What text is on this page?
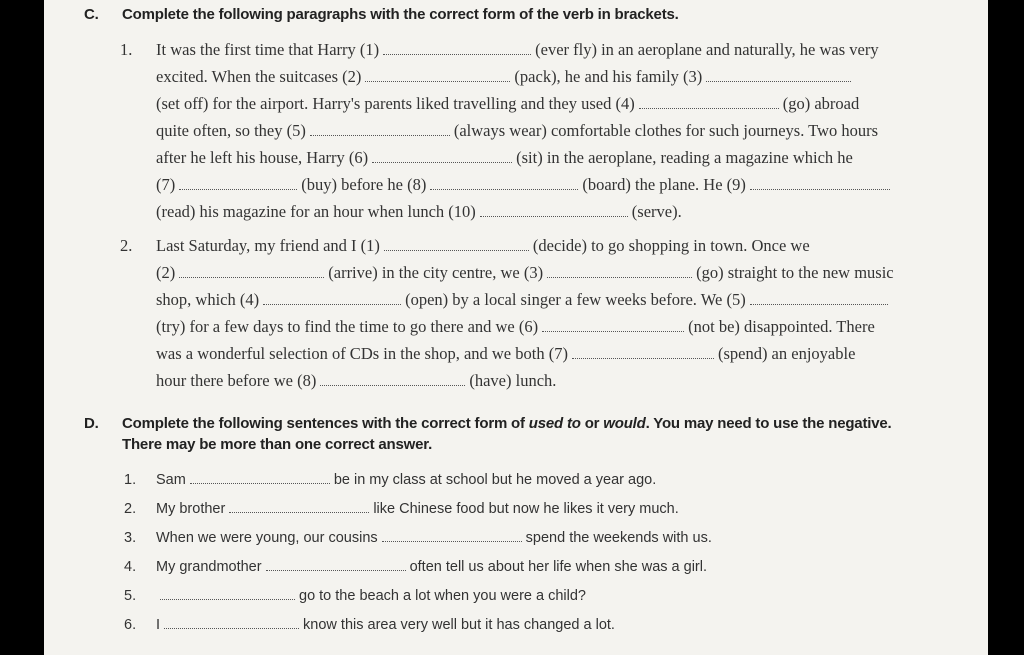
C. Complete the following paragraphs with the correct form of the verb in brackets.
1. It was the first time that Harry (1)	(ever fly) in an aeroplane and naturally, he was very
excited. When the suitcases (2)	(pack), he and his family (3)
(set off) for the airport. Harry's parents liked travelling and they used (4)	(go) abroad
quite often, so they (5)	(always wear) comfortable clothes for such journeys. Two hours
after he left his house, Harry (6)	(sit) in the aeroplane, reading a magazine which he
(7)	(buy) before he (8)	(board) the plane. He (9)
(read) his magazine for an hour when lunch (10)	(serve).
2. Last Saturday, my friend and I (1)	(decide) to go shopping in town. Once we
(2)	(arrive) in the city centre, we (3)	(go) straight to the new music
shop, which (4)	(open) by a local singer a few weeks before. We (5)
(try) for a few days to find the time to go there and we (6)	(not be) disappointed. There
was a wonderful selection of CDs in the shop, and we both (7)	(spend) an enjoyable
hour there before we (8)	(have) lunch.
D. Complete the following sentences with the correct form of used to or would. You may need to use the negative.
There may be more than one correct answer.
1. Sam	be in my class at school but he moved a year ago.
2. My brother	like Chinese food but now he likes it very much.
3. When we were young, our cousins	spend the weekends with us.
4. My grandmother	often tell us about her life when she was a girl.
5.	go to the beach a lot when you were a child?
6. I	know this area very well but it has changed a lot.
